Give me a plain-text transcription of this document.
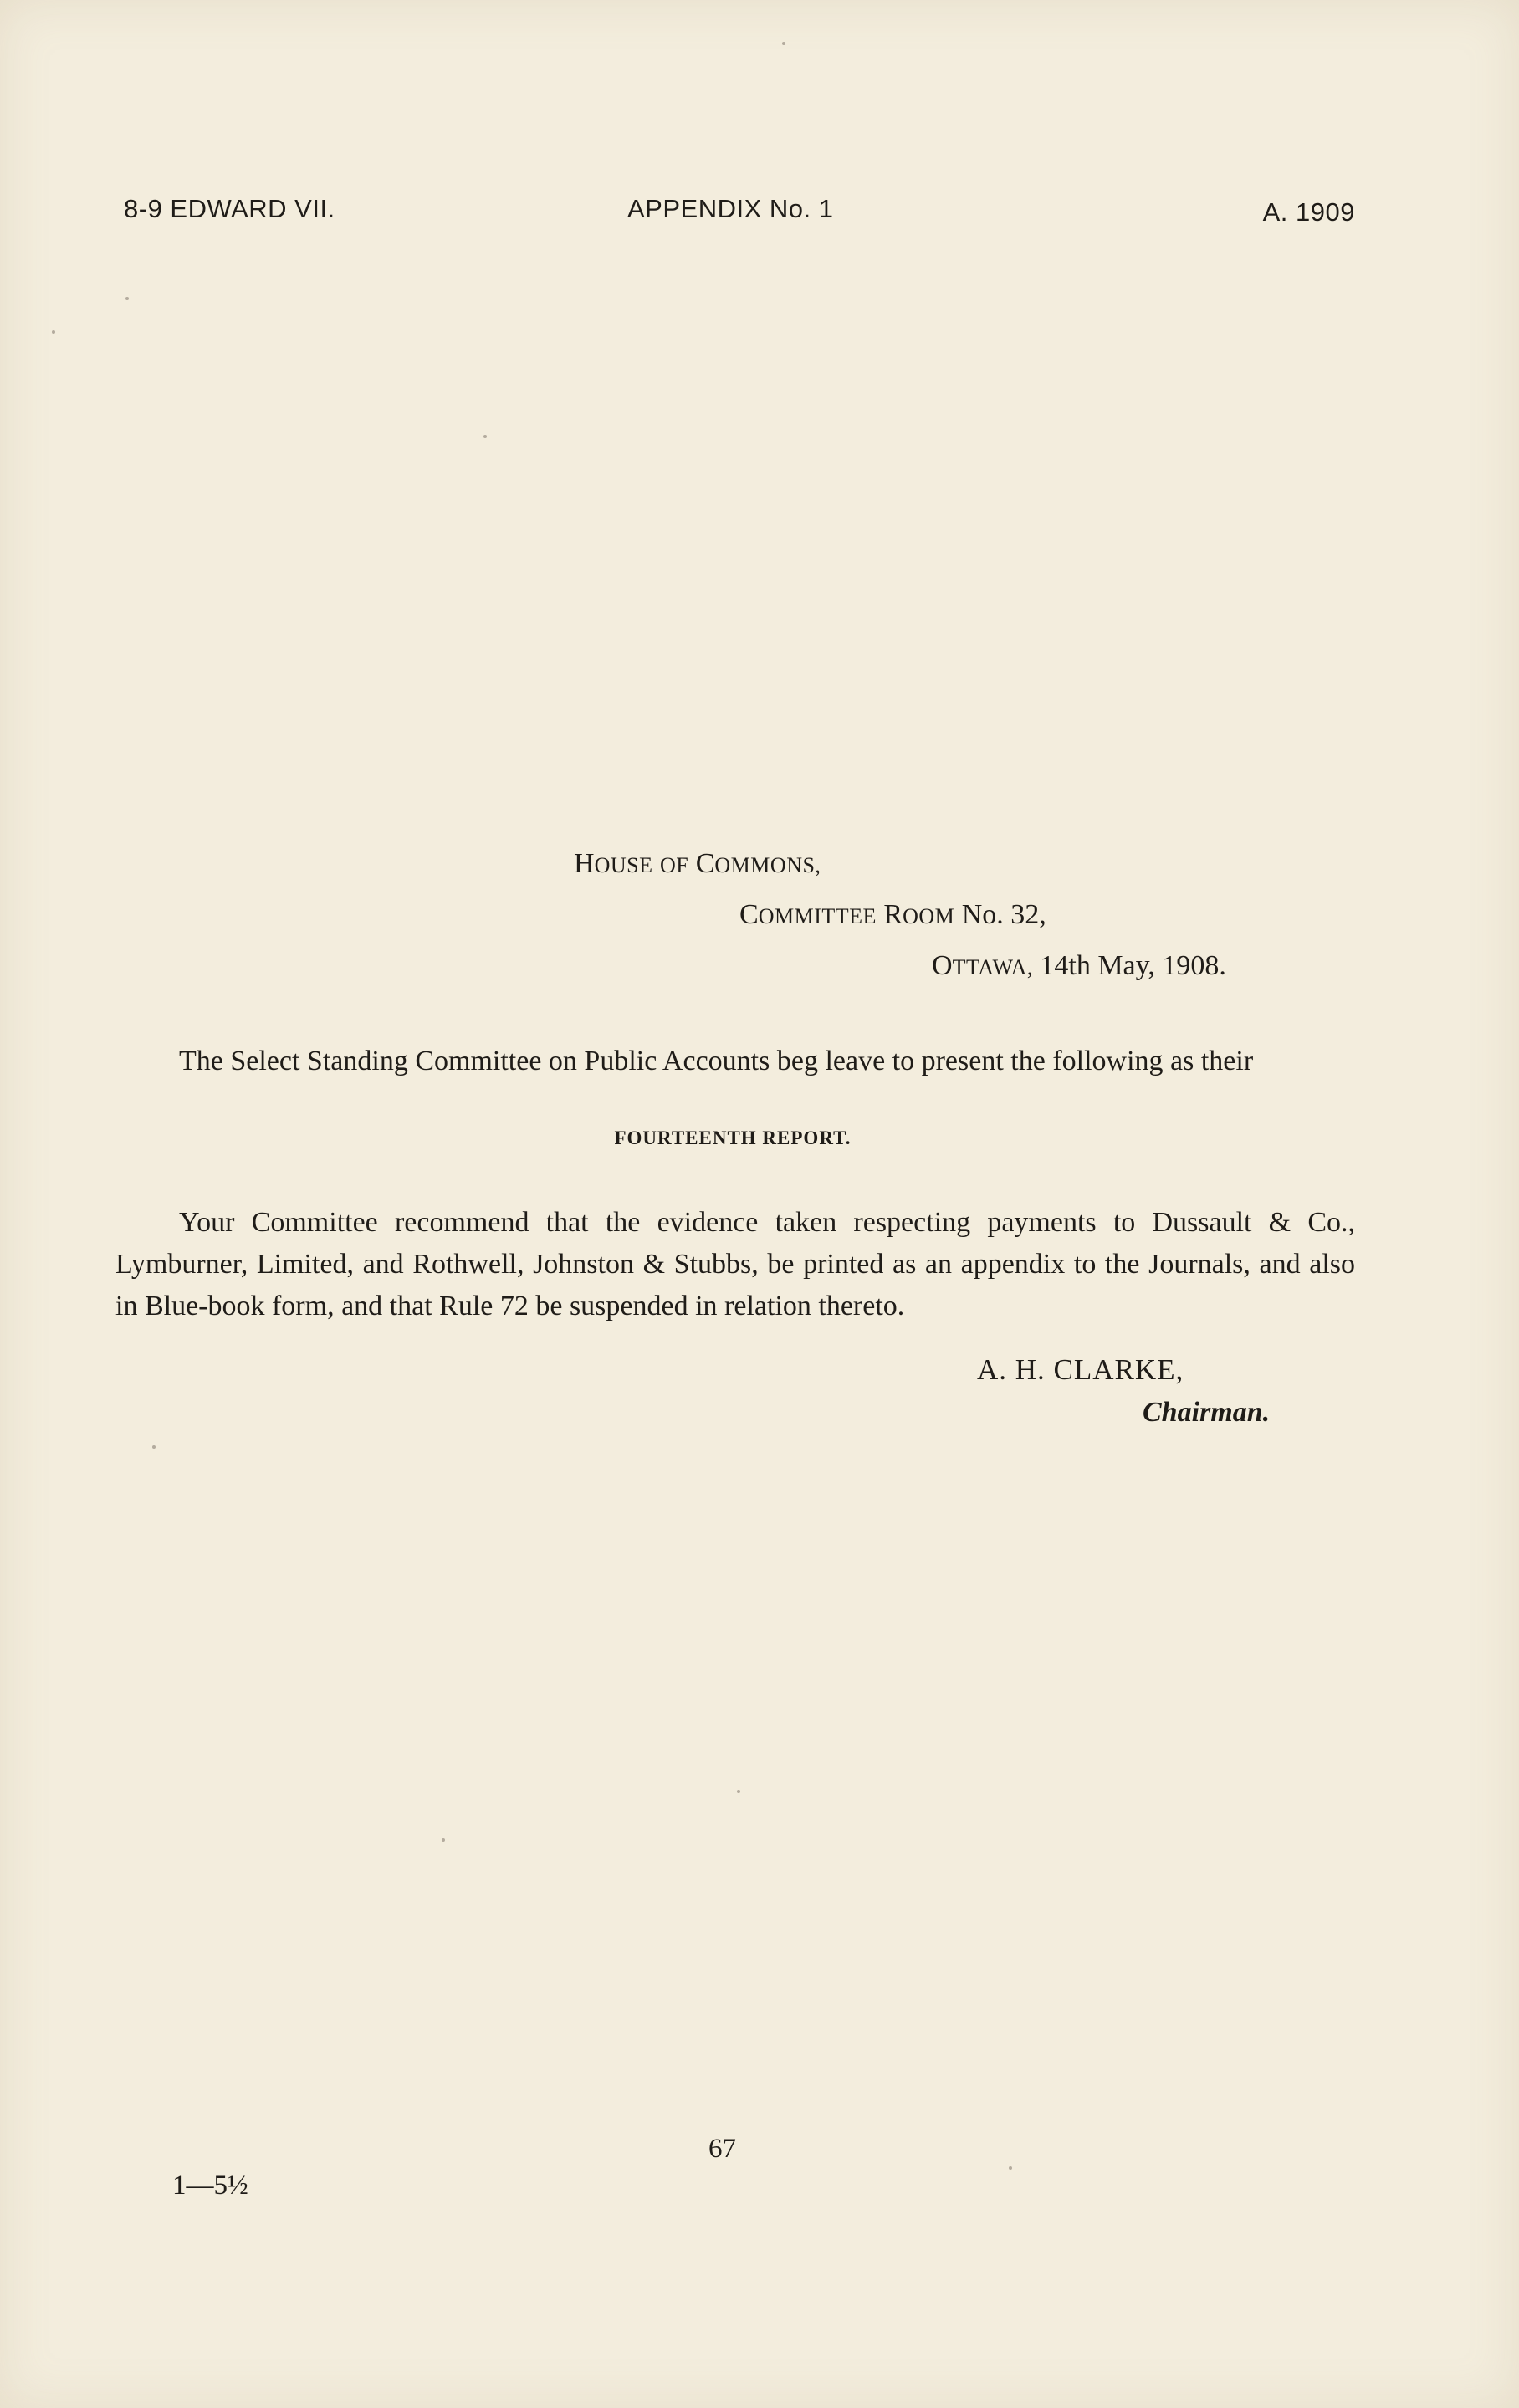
8-9 EDWARD VII.	APPENDIX No. 1	A. 1909
HOUSE OF COMMONS,
COMMITTEE ROOM No. 32,
OTTAWA, 14th May, 1908.

The Select Standing Committee on Public Accounts beg leave to present the following as their

FOURTEENTH REPORT.

Your Committee recommend that the evidence taken respecting payments to Dussault & Co., Lymburner, Limited, and Rothwell, Johnston & Stubbs, be printed as an appendix to the Journals, and also in Blue-book form, and that Rule 72 be suspended in relation thereto.

A. H. CLARKE,
Chairman.
67
1—5½
